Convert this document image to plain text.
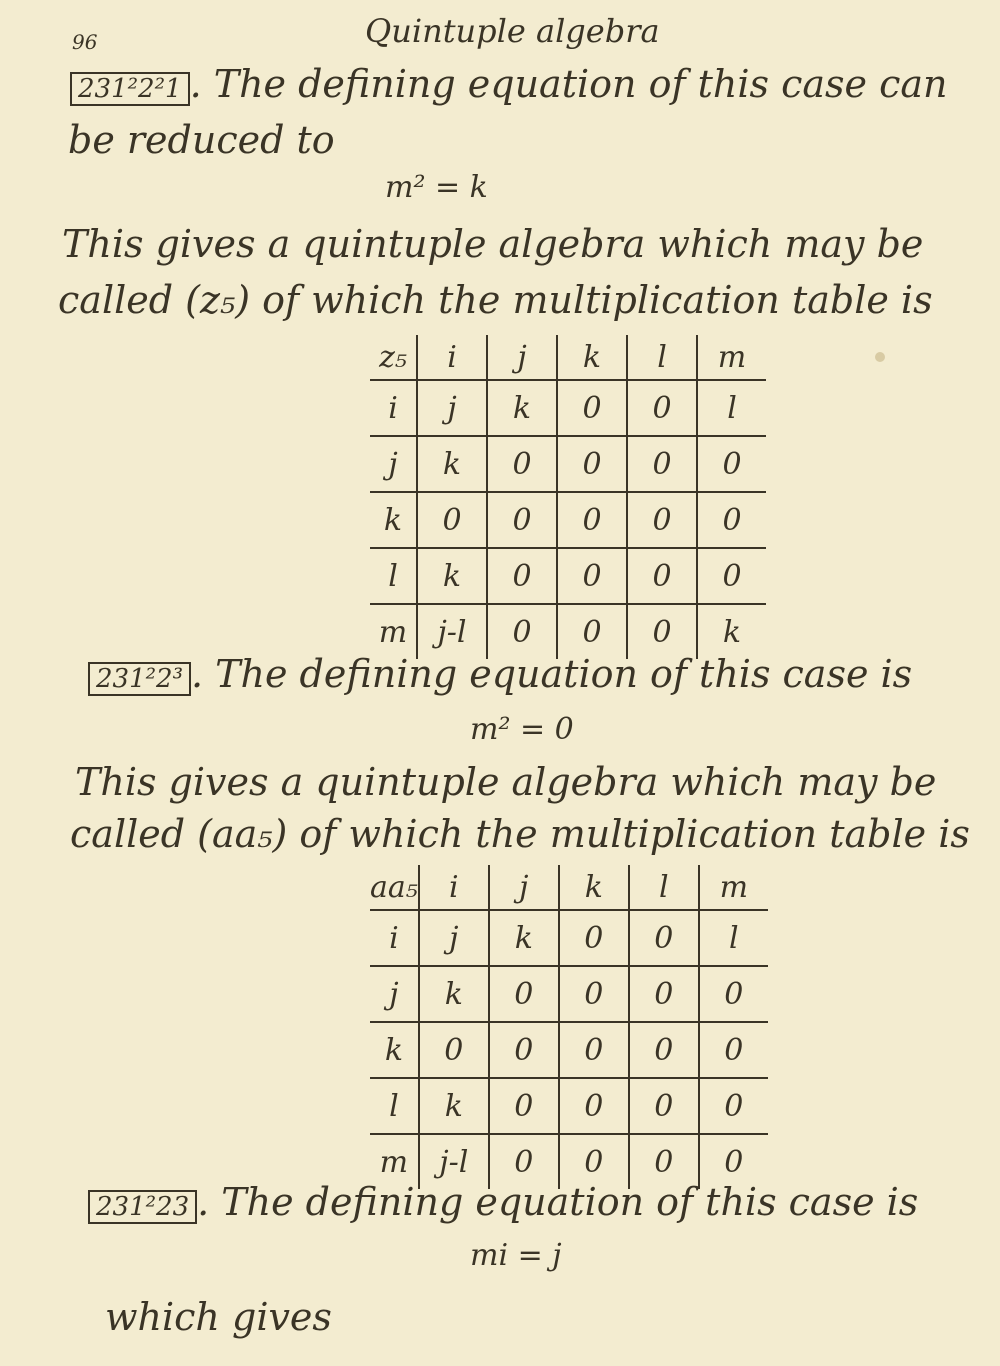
96	Quintuple algebra
231²2²1 . The defining equation of this case can
be reduced to
m² = k
This gives a quintuple algebra which may be
called (z₅) of which the multiplication table is
z₅	i	j	k	l	m
i	j	k	0	0	l
j	k	0	0	0	0
k	0	0	0	0	0
l	k	0	0	0	0
m	j-l	0	0	0	k
231²2³ . The defining equation of this case is
m² = 0
This gives a quintuple algebra which may be
called (aa₅) of which the multiplication table is
aa₅	i	j	k	l	m
i	j	k	0	0	l
j	k	0	0	0	0
k	0	0	0	0	0
l	k	0	0	0	0
m	j-l	0	0	0	0
231²23 . The defining equation of this case is
mi = j
which gives
